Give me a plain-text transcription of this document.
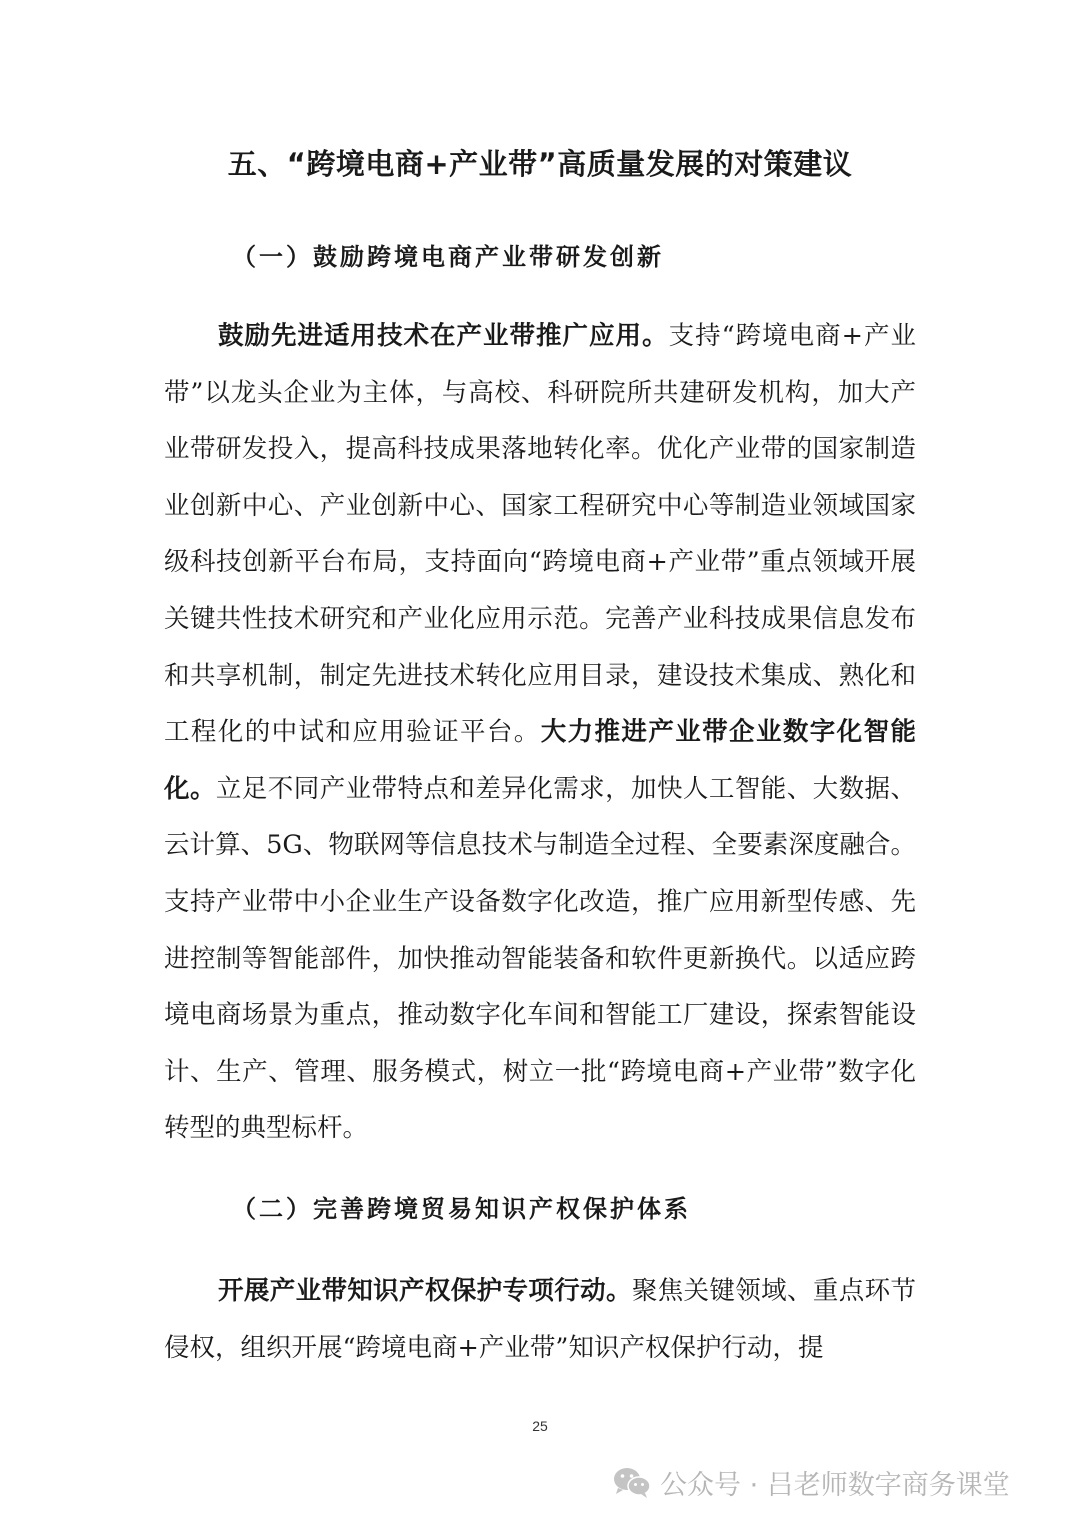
五、“跨境电商+产业带”高质量发展的对策建议
（一）鼓励跨境电商产业带研发创新

鼓励先进适用技术在产业带推广应用。支持“跨境电商+产业带”以龙头企业为主体，与高校、科研院所共建研发机构，加大产业带研发投入，提高科技成果落地转化率。优化产业带的国家制造业创新中心、产业创新中心、国家工程研究中心等制造业领域国家级科技创新平台布局，支持面向“跨境电商+产业带”重点领域开展关键共性技术研究和产业化应用示范。完善产业科技成果信息发布和共享机制，制定先进技术转化应用目录，建设技术集成、熟化和工程化的中试和应用验证平台。大力推进产业带企业数字化智能化。立足不同产业带特点和差异化需求，加快人工智能、大数据、云计算、5G、物联网等信息技术与制造全过程、全要素深度融合。支持产业带中小企业生产设备数字化改造，推广应用新型传感、先进控制等智能部件，加快推动智能装备和软件更新换代。以适应跨境电商场景为重点，推动数字化车间和智能工厂建设，探索智能设计、生产、管理、服务模式，树立一批“跨境电商+产业带”数字化转型的典型标杆。

（二）完善跨境贸易知识产权保护体系

开展产业带知识产权保护专项行动。聚焦关键领域、重点环节侵权，组织开展“跨境电商+产业带”知识产权保护行动，提

25
公众号 · 吕老师数字商务课堂
